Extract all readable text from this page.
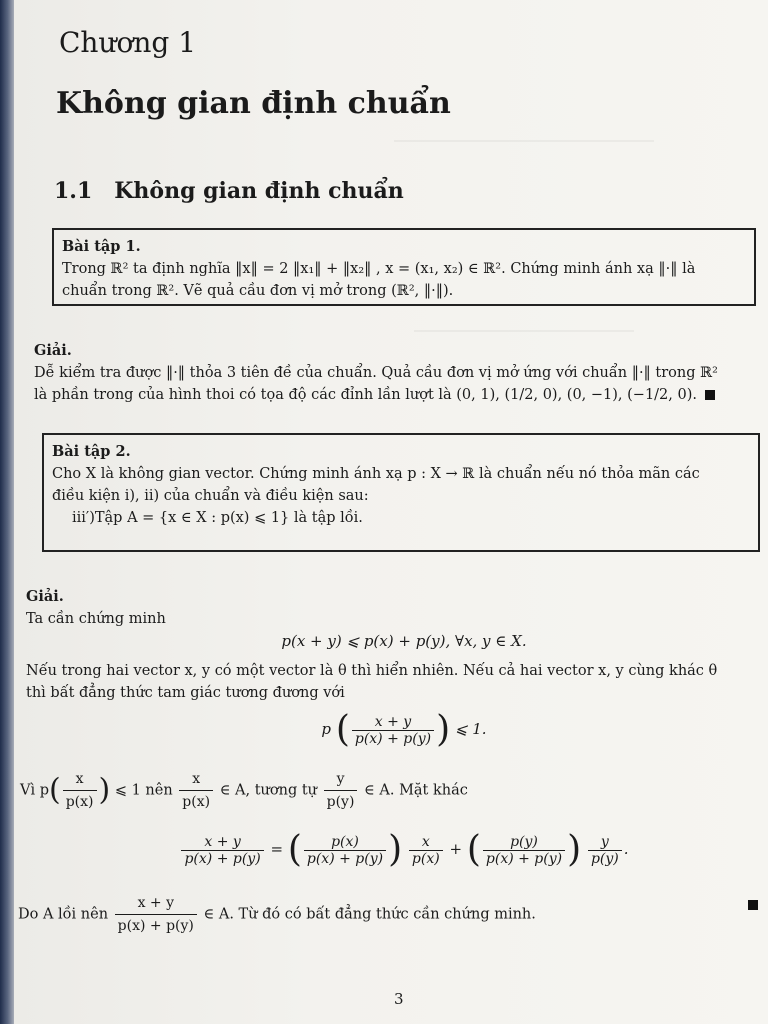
Chương 1
Không gian định chuẩn
1.1 Không gian định chuẩn
Bài tập 1.
Trong ℝ² ta định nghĩa ‖x‖ = 2 ‖x₁‖ + ‖x₂‖ , x = (x₁, x₂) ∈ ℝ². Chứng minh ánh xạ ‖·‖ là
chuẩn trong ℝ². Vẽ quả cầu đơn vị mở trong (ℝ², ‖·‖).
Giải.
Dễ kiểm tra được ‖·‖ thỏa 3 tiên đề của chuẩn. Quả cầu đơn vị mở ứng với chuẩn ‖·‖ trong ℝ²
là phần trong của hình thoi có tọa độ các đỉnh lần lượt là (0, 1), (1/2, 0), (0, −1), (−1/2, 0).
Bài tập 2.
Cho X là không gian vector. Chứng minh ánh xạ p : X → ℝ là chuẩn nếu nó thỏa mãn các
điều kiện i), ii) của chuẩn và điều kiện sau:
iii′)Tập A = {x ∈ X : p(x) ⩽ 1} là tập lồi.
Giải.
Ta cần chứng minh
p(x + y) ⩽ p(x) + p(y), ∀x, y ∈ X.
Nếu trong hai vector x, y có một vector là θ thì hiển nhiên. Nếu cả hai vector x, y cùng khác θ
thì bất đẳng thức tam giác tương đương với
p ( $\frac{x + y}{p(x) + p(y)}$ ) ⩽ 1.
Vì $p( \frac{x}{p(x)}$ ) ⩽ 1 nên $\frac{x}{p(x)}$ ∈ A, tương tự $\frac{y}{p(y)}$ ∈ A. Mặt khác
$\frac{x + y}{p(x) + p(y)}$ = ( $\frac{p(x)}{p(x) + p(y)}$ ) $\frac{x}{p(x)}$ + ( $\frac{p(y)}{p(x) + p(y)}$ ) $\frac{y}{p(y)}$ .
Do A lồi nên $\frac{x + y}{p(x) + p(y)}$ ∈ A. Từ đó có bất đẳng thức cần chứng minh.
3
